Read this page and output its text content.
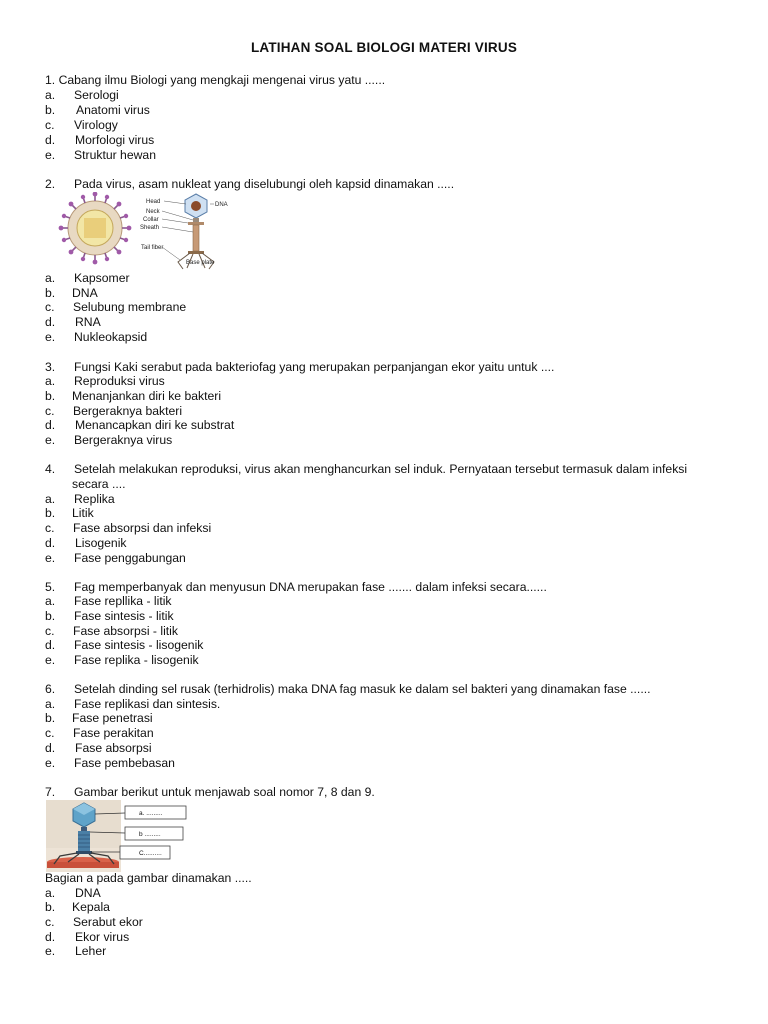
LATIHAN SOAL BIOLOGI MATERI VIRUS
1. Cabang ilmu Biologi yang mengkaji mengenai virus yatu ......
a. Serologi
b. Anatomi virus
c. Virology
d. Morfologi virus
e. Struktur hewan
2. Pada virus, asam nukleat yang diselubungi oleh kapsid dinamakan .....
Head
Neck
Collar
Sheath
Tail fiber
Base plate
DNA
a. Kapsomer
b. DNA
c. Selubung membrane
d. RNA
e. Nukleokapsid
3. Fungsi Kaki serabut pada bakteriofag yang merupakan perpanjangan ekor yaitu untuk ....
a. Reproduksi virus
b. Menanjankan diri ke bakteri
c. Bergeraknya bakteri
d. Menancapkan diri ke substrat
e. Bergeraknya virus
4. Setelah melakukan reproduksi, virus akan menghancurkan sel induk. Pernyataan tersebut termasuk dalam infeksi
secara ....
a. Replika
b. Litik
c. Fase absorpsi dan infeksi
d. Lisogenik
e. Fase penggabungan
5. Fag memperbanyak dan menyusun DNA merupakan fase ....... dalam infeksi secara......
a. Fase repllika - litik
b. Fase sintesis - litik
c. Fase absorpsi - litik
d. Fase sintesis - lisogenik
e. Fase replika - lisogenik
6. Setelah dinding sel rusak (terhidrolis) maka DNA fag masuk ke dalam sel bakteri yang dinamakan fase ......
a. Fase replikasi dan sintesis.
b. Fase penetrasi
c. Fase perakitan
d. Fase absorpsi
e. Fase pembebasan
7. Gambar berikut untuk menjawab soal nomor 7, 8 dan 9.
a. .........
b .........
C..........
Bagian a pada gambar dinamakan .....
a. DNA
b. Kepala
c. Serabut ekor
d. Ekor virus
e. Leher
